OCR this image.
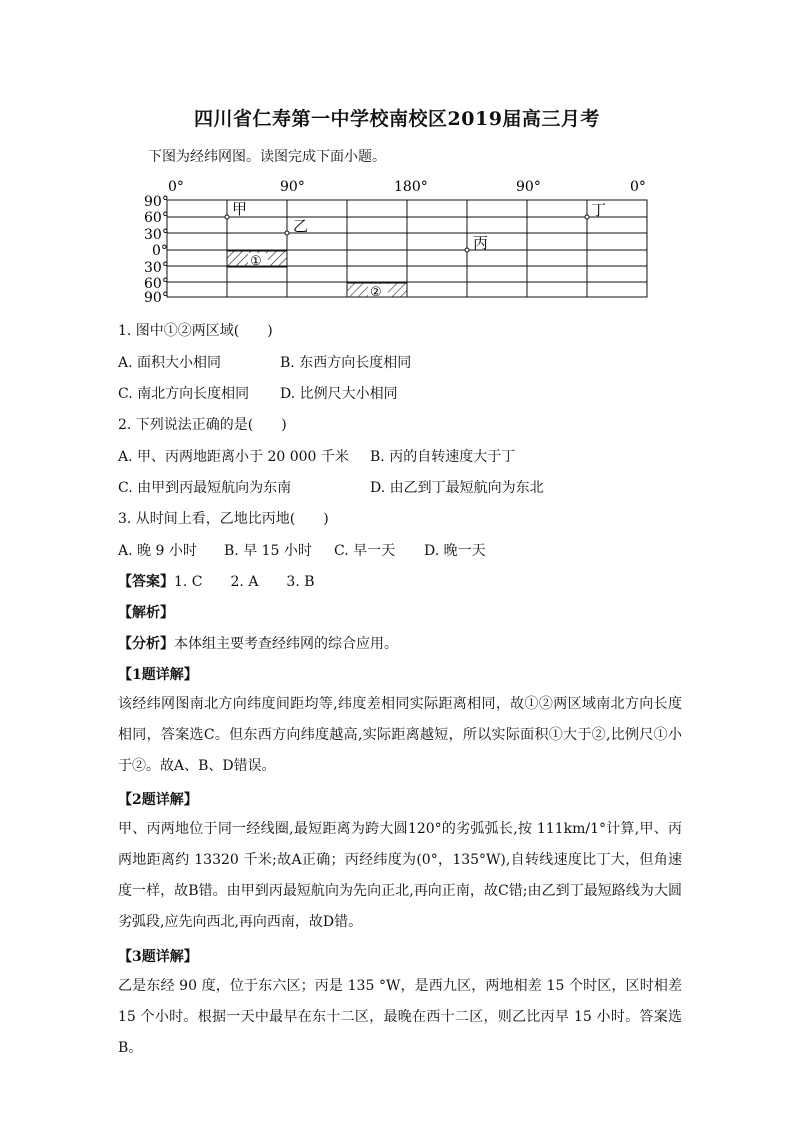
四川省仁寿第一中学校南校区2019届高三月考
下图为经纬网图。读图完成下面小题。
0°	90°	180°	90°	0°
90°
60°
30°
0°
30°
60°
90°
①
②
甲
乙
丙
丁
1. 图中①②两区域(　　)
A. 面积大小相同	B. 东西方向长度相同
C. 南北方向长度相同 D. 比例尺大小相同
2. 下列说法正确的是(　　)
A. 甲、丙两地距离小于 20 000 千米 B. 丙的自转速度大于丁
C. 由甲到丙最短航向为东南	D. 由乙到丁最短航向为东北
3. 从时间上看，乙地比丙地(　　)
A. 晚 9 小时 B. 早 15 小时 C. 早一天 D. 晚一天
【答案】1. C　　2. A　　3. B
【解析】
【分析】本体组主要考查经纬网的综合应用。
【1题详解】
该经纬网图南北方向纬度间距均等,纬度差相同实际距离相同，故①②两区域南北方向长度相同，答案选C。但东西方向纬度越高,实际距离越短，所以实际面积①大于②,比例尺①小于②。故A、B、D错误。
【2题详解】
甲、丙两地位于同一经线圈,最短距离为跨大圆120°的劣弧弧长,按 111km/1°计算,甲、丙两地距离约 13320 千米;故A正确；丙经纬度为(0°，135°W),自转线速度比丁大，但角速度一样，故B错。由甲到丙最短航向为先向正北,再向正南，故C错;由乙到丁最短路线为大圆劣弧段,应先向西北,再向西南，故D错。
【3题详解】
乙是东经 90 度，位于东六区；丙是 135 °W，是西九区，两地相差 15 个时区，区时相差 15 个小时。根据一天中最早在东十二区，最晚在西十二区，则乙比丙早 15 小时。答案选B。
